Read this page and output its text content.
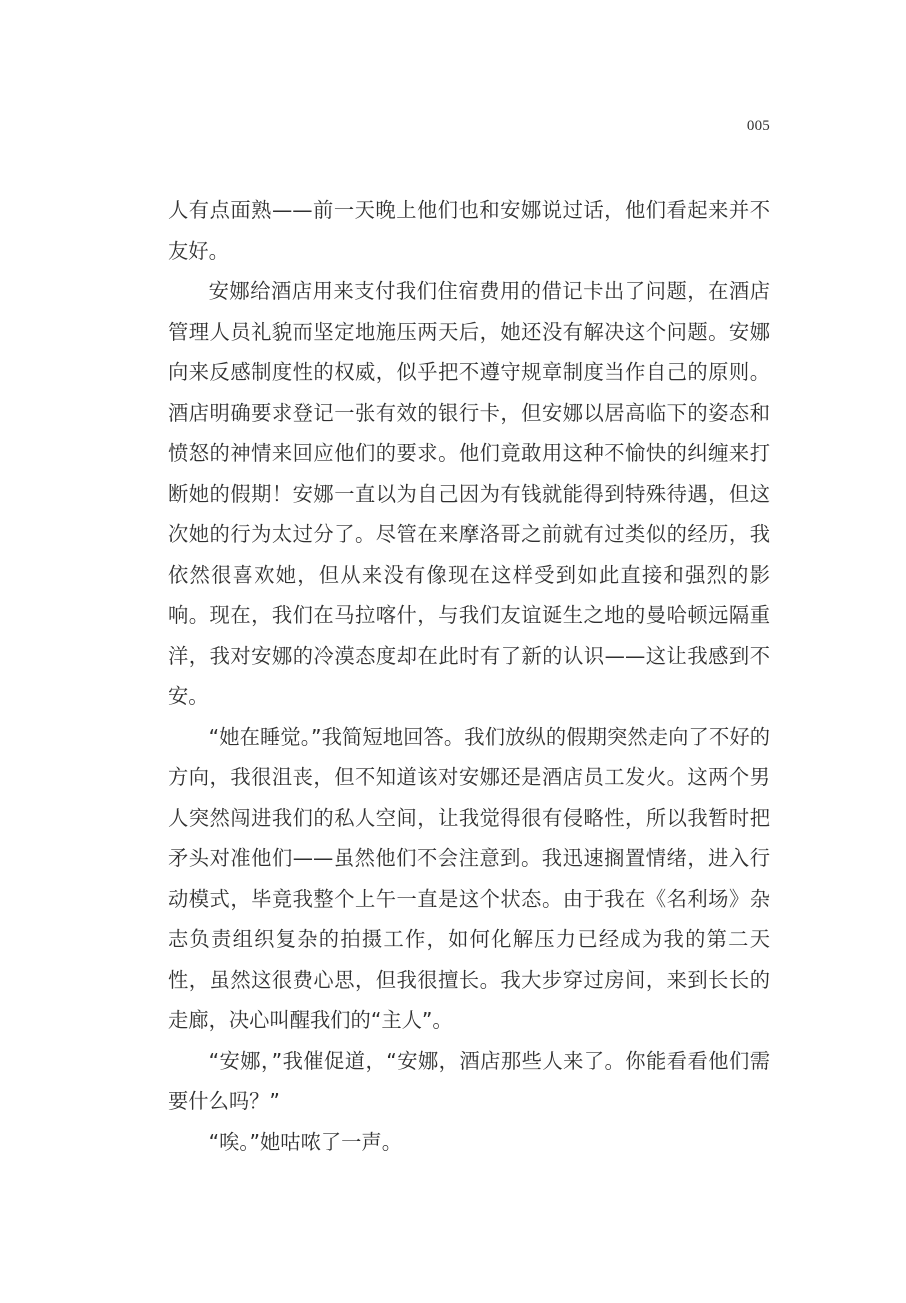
005

人有点面熟——前一天晚上他们也和安娜说过话，他们看起来并不友好。

安娜给酒店用来支付我们住宿费用的借记卡出了问题，在酒店管理人员礼貌而坚定地施压两天后，她还没有解决这个问题。安娜向来反感制度性的权威，似乎把不遵守规章制度当作自己的原则。酒店明确要求登记一张有效的银行卡，但安娜以居高临下的姿态和愤怒的神情来回应他们的要求。他们竟敢用这种不愉快的纠缠来打断她的假期！安娜一直以为自己因为有钱就能得到特殊待遇，但这次她的行为太过分了。尽管在来摩洛哥之前就有过类似的经历，我依然很喜欢她，但从来没有像现在这样受到如此直接和强烈的影响。现在，我们在马拉喀什，与我们友谊诞生之地的曼哈顿远隔重洋，我对安娜的冷漠态度却在此时有了新的认识——这让我感到不安。

“她在睡觉。”我简短地回答。我们放纵的假期突然走向了不好的方向，我很沮丧，但不知道该对安娜还是酒店员工发火。这两个男人突然闯进我们的私人空间，让我觉得很有侵略性，所以我暂时把矛头对准他们——虽然他们不会注意到。我迅速搁置情绪，进入行动模式，毕竟我整个上午一直是这个状态。由于我在《名利场》杂志负责组织复杂的拍摄工作，如何化解压力已经成为我的第二天性，虽然这很费心思，但我很擅长。我大步穿过房间，来到长长的走廊，决心叫醒我们的“主人”。

“安娜，”我催促道，“安娜，酒店那些人来了。你能看看他们需要什么吗？”

“唉。”她咕哝了一声。
